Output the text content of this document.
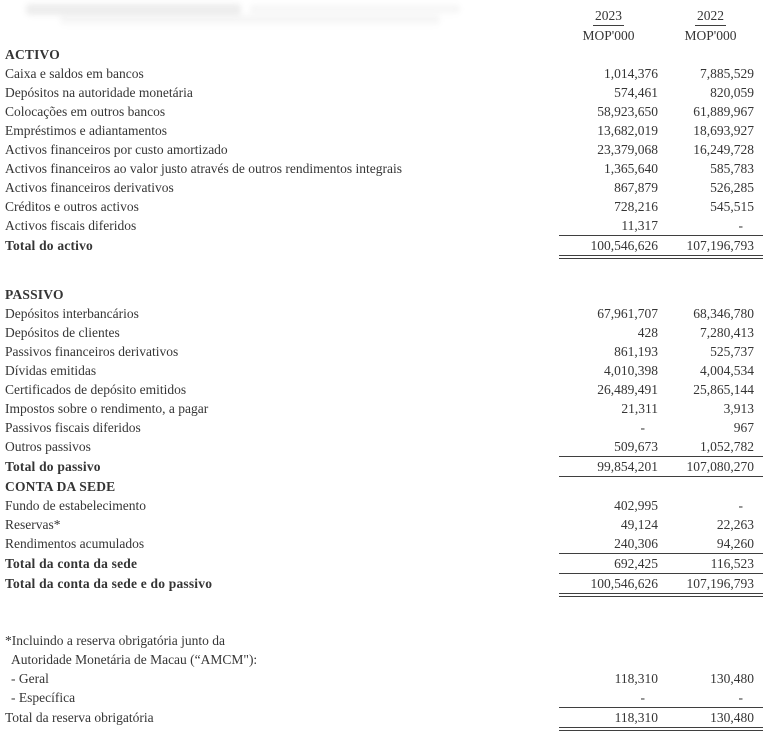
2023	2022
MOP'000	MOP'000
ACTIVO
Caixa e saldos em bancos	1,014,376	7,885,529
Depósitos na autoridade monetária	574,461	820,059
Colocações em outros bancos	58,923,650	61,889,967
Empréstimos e adiantamentos	13,682,019	18,693,927
Activos financeiros por custo amortizado	23,379,068	16,249,728
Activos financeiros ao valor justo através de outros rendimentos integrais	1,365,640	585,783
Activos financeiros derivativos	867,879	526,285
Créditos e outros activos	728,216	545,515
Activos fiscais diferidos	11,317	-
Total do activo	100,546,626	107,196,793
PASSIVO
Depósitos interbancários	67,961,707	68,346,780
Depósitos de clientes	428	7,280,413
Passivos financeiros derivativos	861,193	525,737
Dívidas emitidas	4,010,398	4,004,534
Certificados de depósito emitidos	26,489,491	25,865,144
Impostos sobre o rendimento, a pagar	21,311	3,913
Passivos fiscais diferidos	-	967
Outros passivos	509,673	1,052,782
Total do passivo	99,854,201	107,080,270
CONTA DA SEDE
Fundo de estabelecimento	402,995	-
Reservas*	49,124	22,263
Rendimentos acumulados	240,306	94,260
Total da conta da sede	692,425	116,523
Total da conta da sede e do passivo	100,546,626	107,196,793
*Incluindo a reserva obrigatória junto da
Autoridade Monetária de Macau (“AMCM"):
- Geral	118,310	130,480
- Específica	-	-
Total da reserva obrigatória	118,310	130,480
